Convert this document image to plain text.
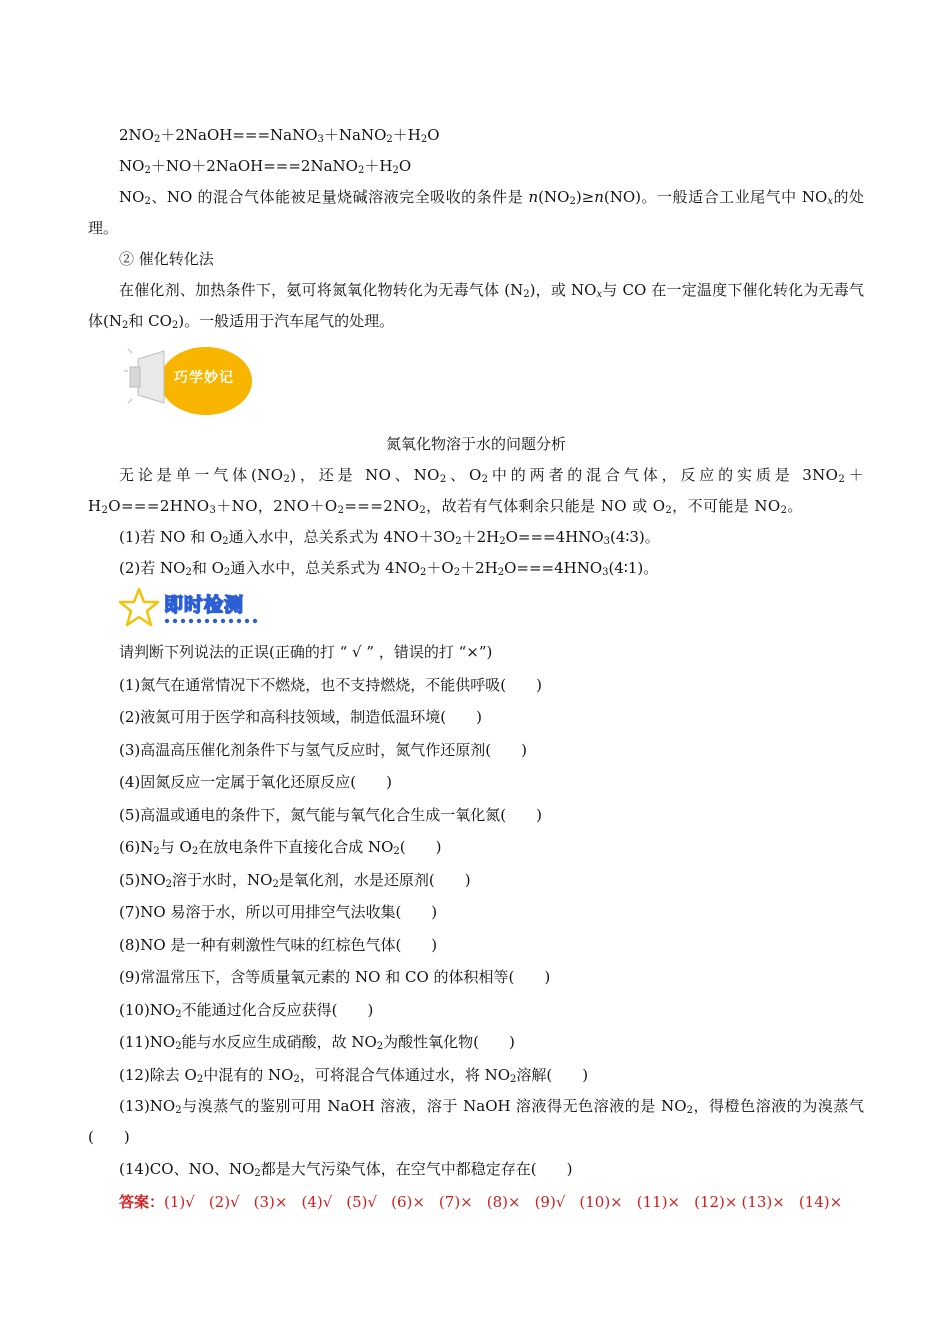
$2NO_2+2NaOH===NaNO_3+NaNO_2+H_2O$

$NO_2+NO+2NaOH===2NaNO_2+H_2O$

$NO_2$、NO 的混合气体能被足量烧碱溶液完全吸收的条件是 $n(NO_2)\ge n(NO)$。一般适合工业尾气中 $NO_x$的处理。

② 催化转化法

在催化剂、加热条件下，氨可将氮氧化物转化为无毒气体 $(N_2)$，或 $NO_x$与 CO 在一定温度下催化转化为无毒气体($N_2$和 $CO_2$)。一般适用于汽车尾气的处理。

巧学妙记

氮氧化物溶于水的问题分析

无论是单一气体$(NO_2)$，还是 NO、$NO_2$、$O_2$中的两者的混合气体，反应的实质是 $3NO_2+H_2O===2HNO_3+NO$，$2NO+O_2===2NO_2$，故若有气体剩余只能是 NO 或 $O_2$，不可能是 $NO_2$。

(1)若 NO 和 $O_2$通入水中，总关系式为 $4NO+3O_2+2H_2O===4HNO_3(4∶3)$。

(2)若 $NO_2$和 $O_2$通入水中，总关系式为 $4NO_2+O_2+2H_2O===4HNO_3(4∶1)$。

即时检测

请判断下列说法的正误(正确的打 “ √ ” ，错误的打 “×”)

(1)氮气在通常情况下不燃烧，也不支持燃烧，不能供呼吸(　　)

(2)液氮可用于医学和高科技领域，制造低温环境(　　)

(3)高温高压催化剂条件下与氢气反应时，氮气作还原剂(　　)

(4)固氮反应一定属于氧化还原反应(　　)

(5)高温或通电的条件下，氮气能与氧气化合生成一氧化氮(　　)

$(6)N_2$与 $O_2$在放电条件下直接化合成 $NO_2$(　　)

$(5)NO_2$溶于水时，$NO_2$是氧化剂，水是还原剂(　　)

(7)NO 易溶于水，所以可用排空气法收集(　　)

(8)NO 是一种有刺激性气味的红棕色气体(　　)

(9)常温常压下，含等质量氧元素的 NO 和 CO 的体积相等(　　)

$(10)NO_2$不能通过化合反应获得(　　)

$(11)NO_2$能与水反应生成硝酸，故 $NO_2$为酸性氧化物(　　)

(12)除去 $O_2$中混有的 $NO_2$，可将混合气体通过水，将 $NO_2$溶解(　　)

$(13)NO_2$与溴蒸气的鉴别可用 NaOH 溶液，溶于 NaOH 溶液得无色溶液的是 $NO_2$，得橙色溶液的为溴蒸气(　　)

(14)CO、NO、$NO_2$都是大气污染气体，在空气中都稳定存在(　　)

答案：(1)√ (2)√ (3)× (4)√ (5)√ (6)× (7)× (8)× (9)√ (10)× (11)× (12)× (13)× (14)×
